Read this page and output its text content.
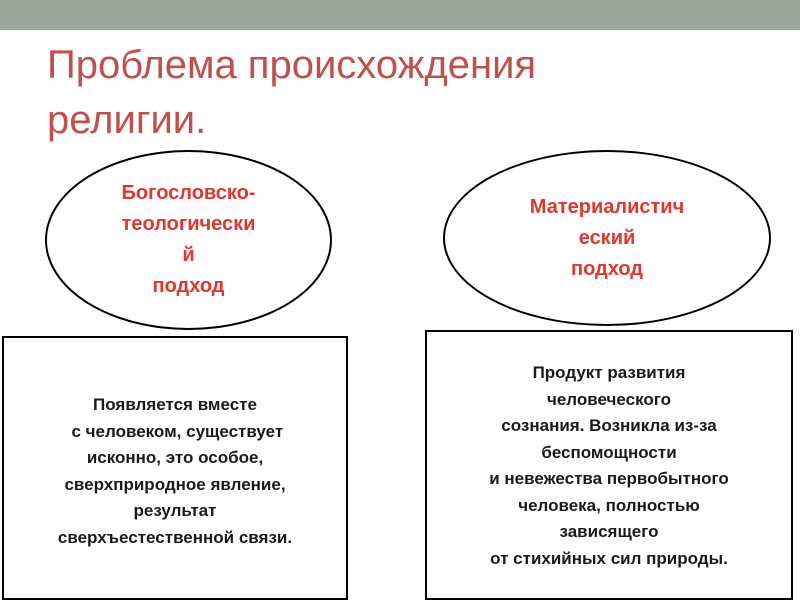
Проблема происхождения
религии.
Богословско-
теологически
й
подход
Материалистич
еский
подход
Появляется вместе
с человеком, существует
исконно, это особое,
сверхприродное явление,
результат
сверхъестественной связи.
Продукт развития
человеческого
сознания. Возникла из-за
беспомощности
и невежества первобытного
человека, полностью
зависящего
от стихийных сил природы.
